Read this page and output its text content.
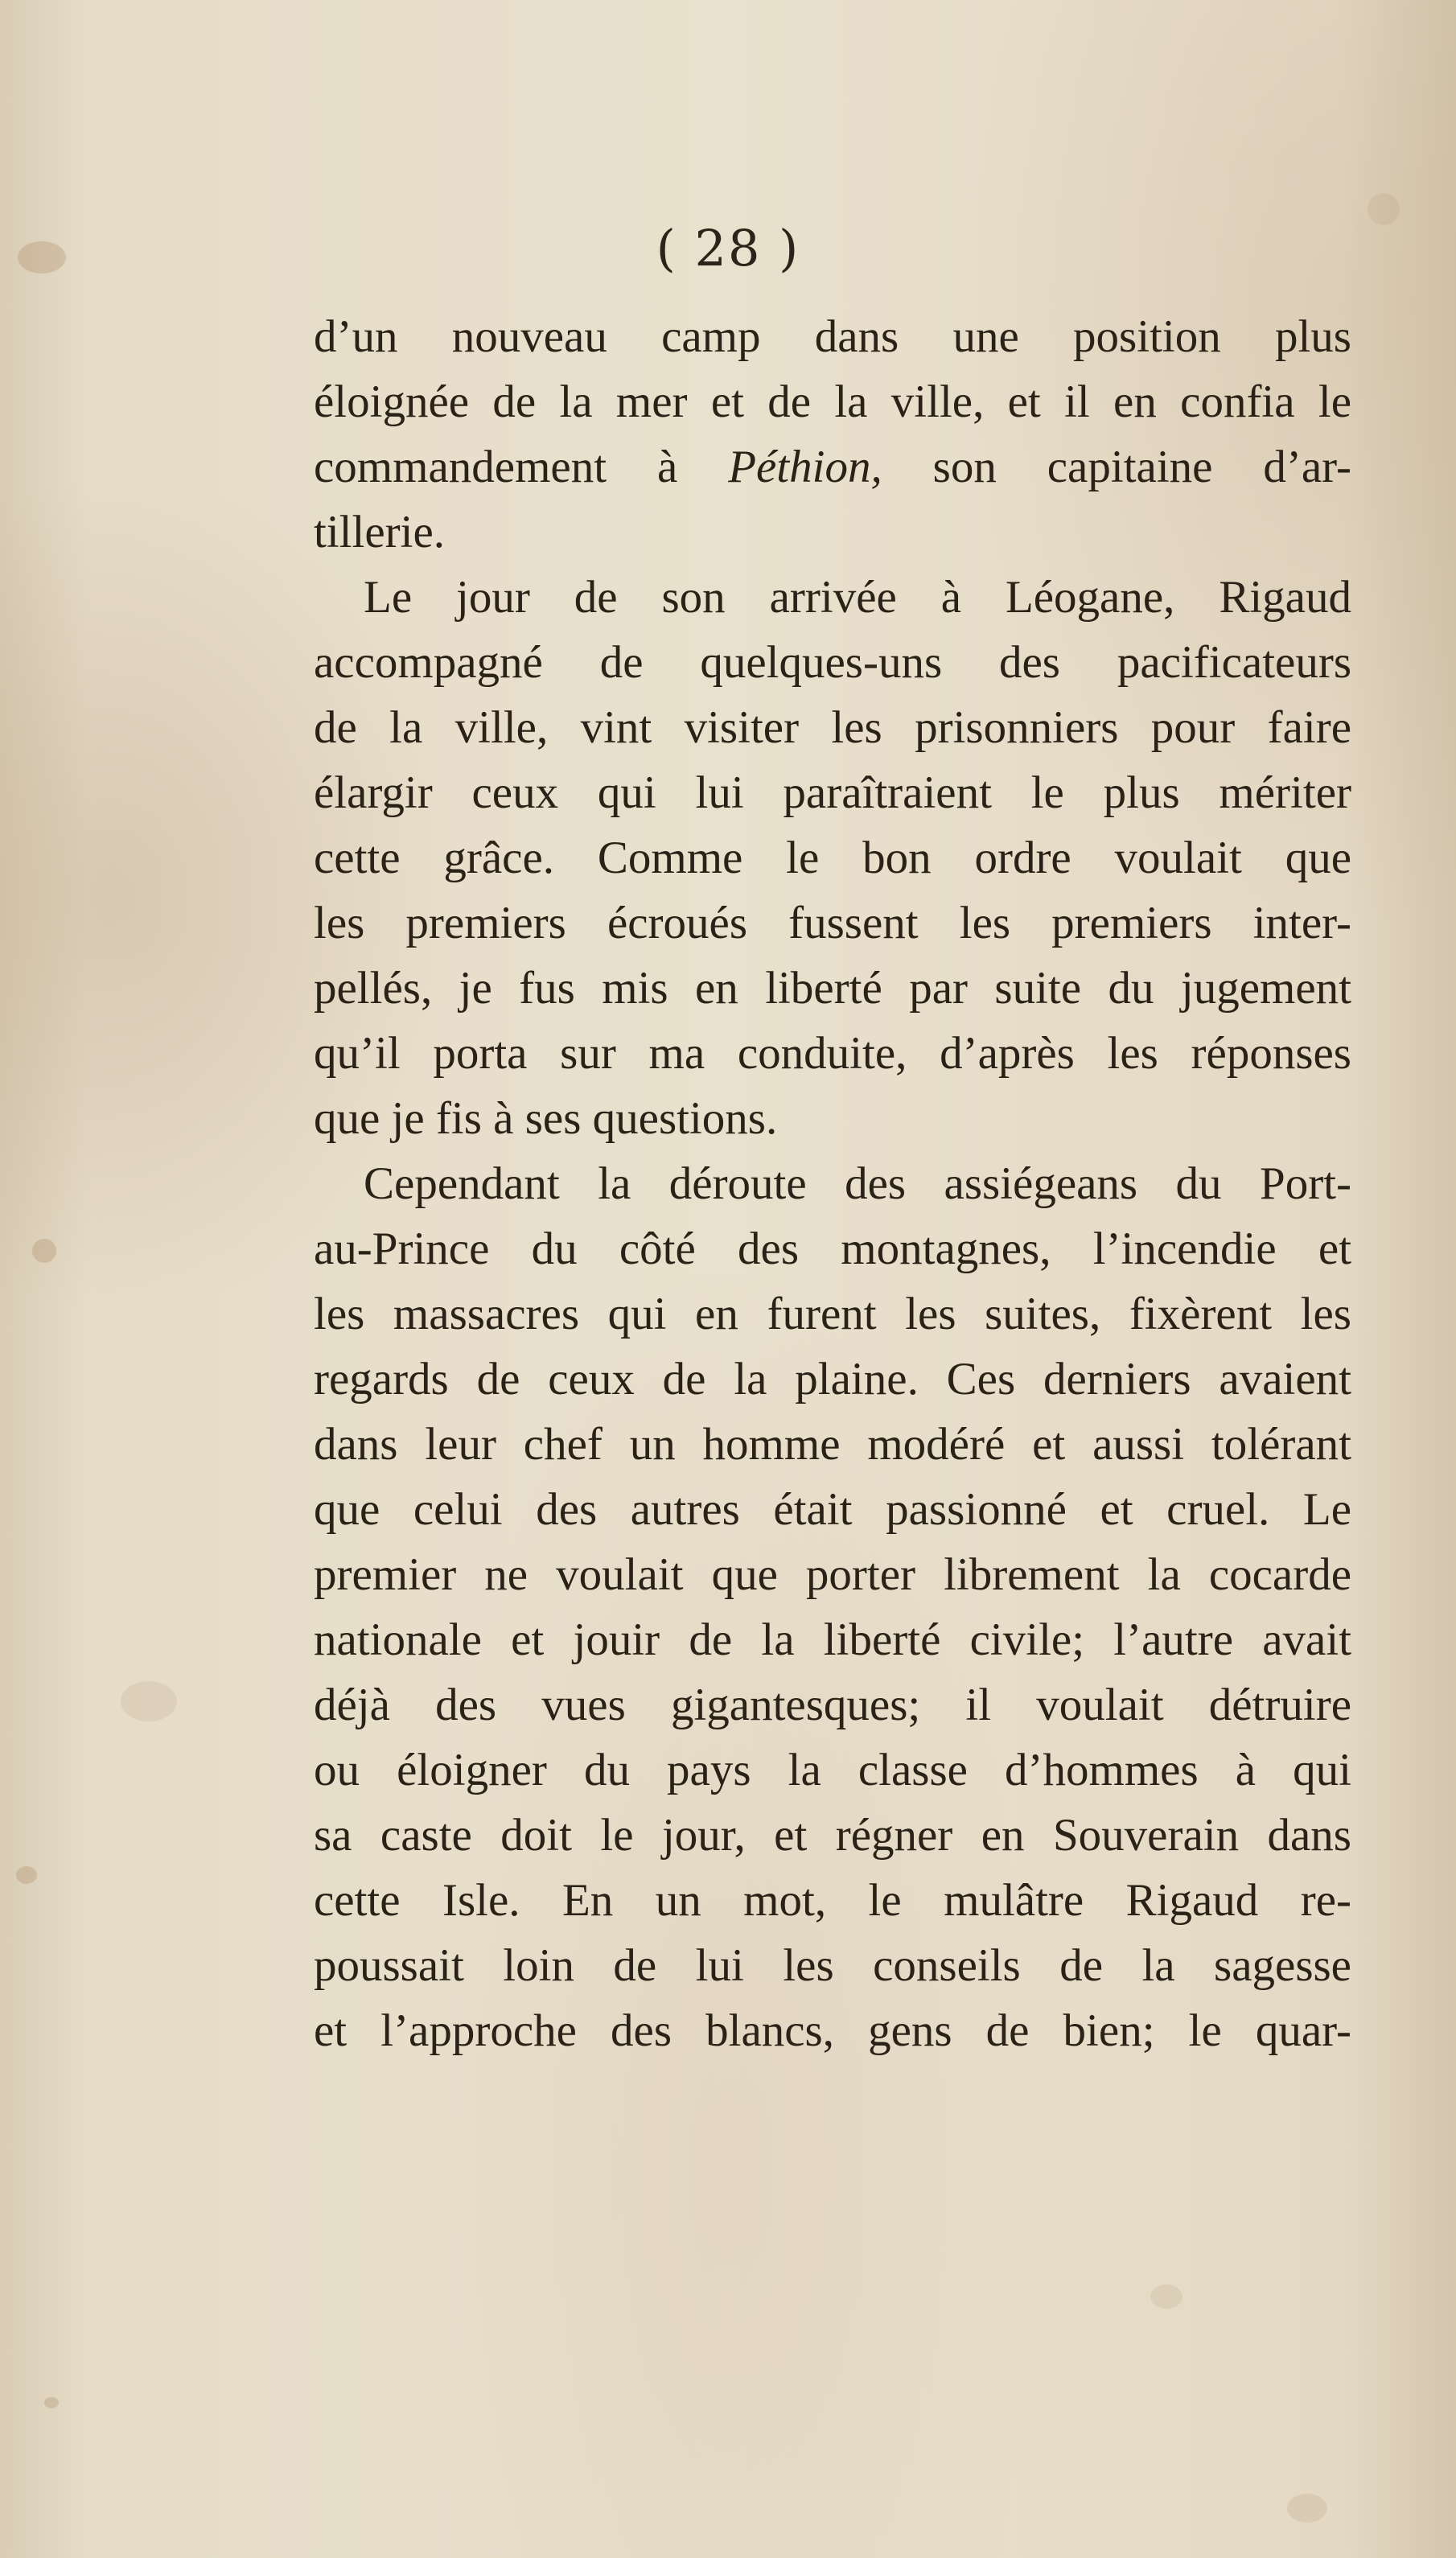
( 28 )
d’un nouveau camp dans une position plus
éloignée de la mer et de la ville, et il en confia le
commandement à Péthion, son capitaine d’ar-
tillerie.
Le jour de son arrivée à Léogane, Rigaud
accompagné de quelques-uns des pacificateurs
de la ville, vint visiter les prisonniers pour faire
élargir ceux qui lui paraîtraient le plus mériter
cette grâce. Comme le bon ordre voulait que
les premiers écroués fussent les premiers inter-
pellés, je fus mis en liberté par suite du jugement
qu’il porta sur ma conduite, d’après les réponses
que je fis à ses questions.
Cependant la déroute des assiégeans du Port-
au-Prince du côté des montagnes, l’incendie et
les massacres qui en furent les suites, fixèrent les
regards de ceux de la plaine. Ces derniers avaient
dans leur chef un homme modéré et aussi tolérant
que celui des autres était passionné et cruel. Le
premier ne voulait que porter librement la cocarde
nationale et jouir de la liberté civile; l’autre avait
déjà des vues gigantesques; il voulait détruire
ou éloigner du pays la classe d’hommes à qui
sa caste doit le jour, et régner en Souverain dans
cette Isle. En un mot, le mulâtre Rigaud re-
poussait loin de lui les conseils de la sagesse
et l’approche des blancs, gens de bien; le quar-
